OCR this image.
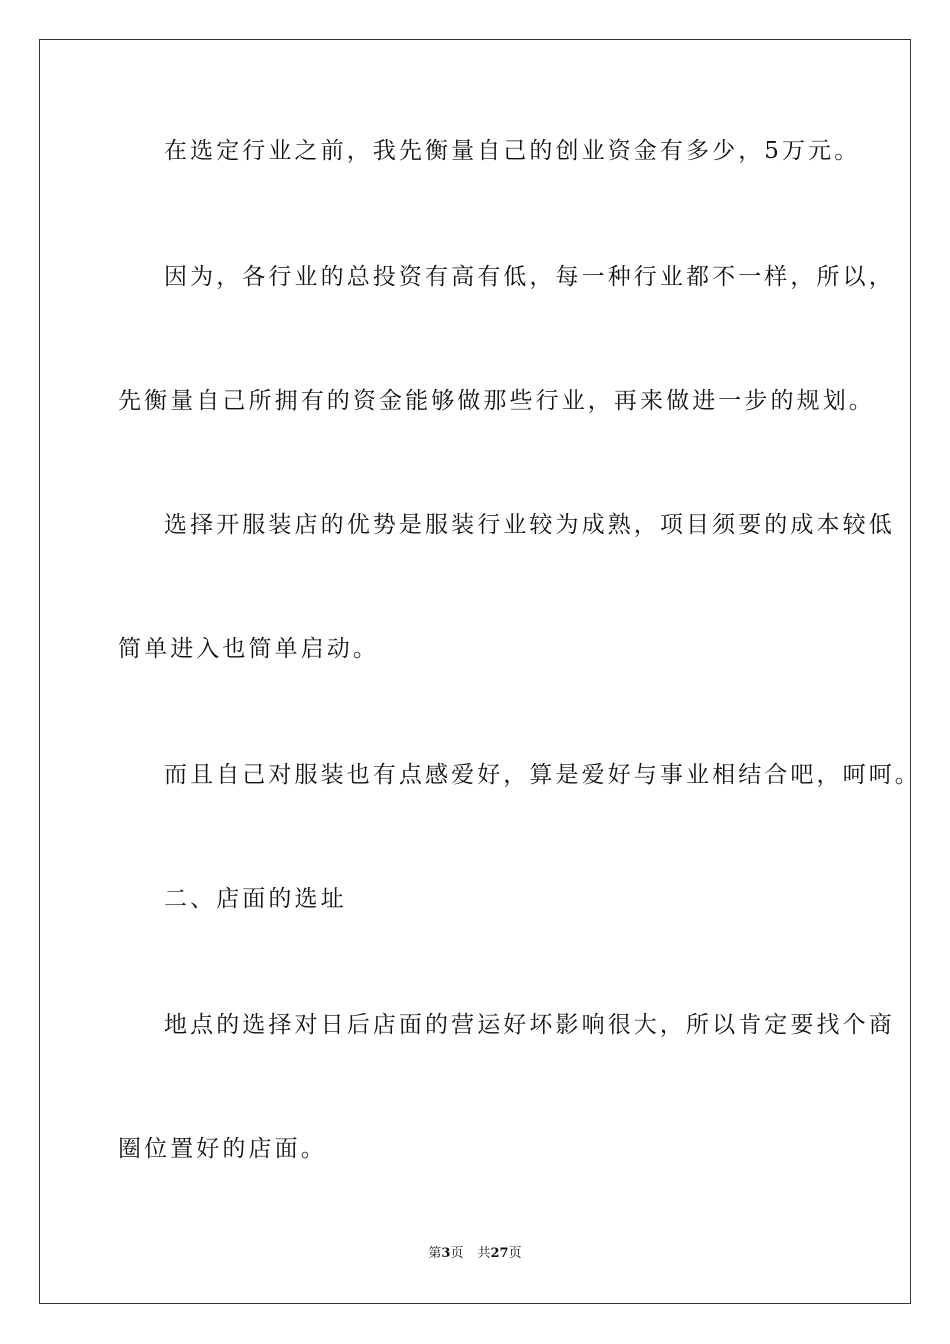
在选定行业之前，我先衡量自己的创业资金有多少，5万元。
因为，各行业的总投资有高有低，每一种行业都不一样，所以，
先衡量自己所拥有的资金能够做那些行业，再来做进一步的规划。
选择开服装店的优势是服装行业较为成熟，项目须要的成本较低
简单进入也简单启动。
而且自己对服装也有点感爱好，算是爱好与事业相结合吧，呵呵。
二、店面的选址
地点的选择对日后店面的营运好坏影响很大，所以肯定要找个商
圈位置好的店面。
第3页 共27页
